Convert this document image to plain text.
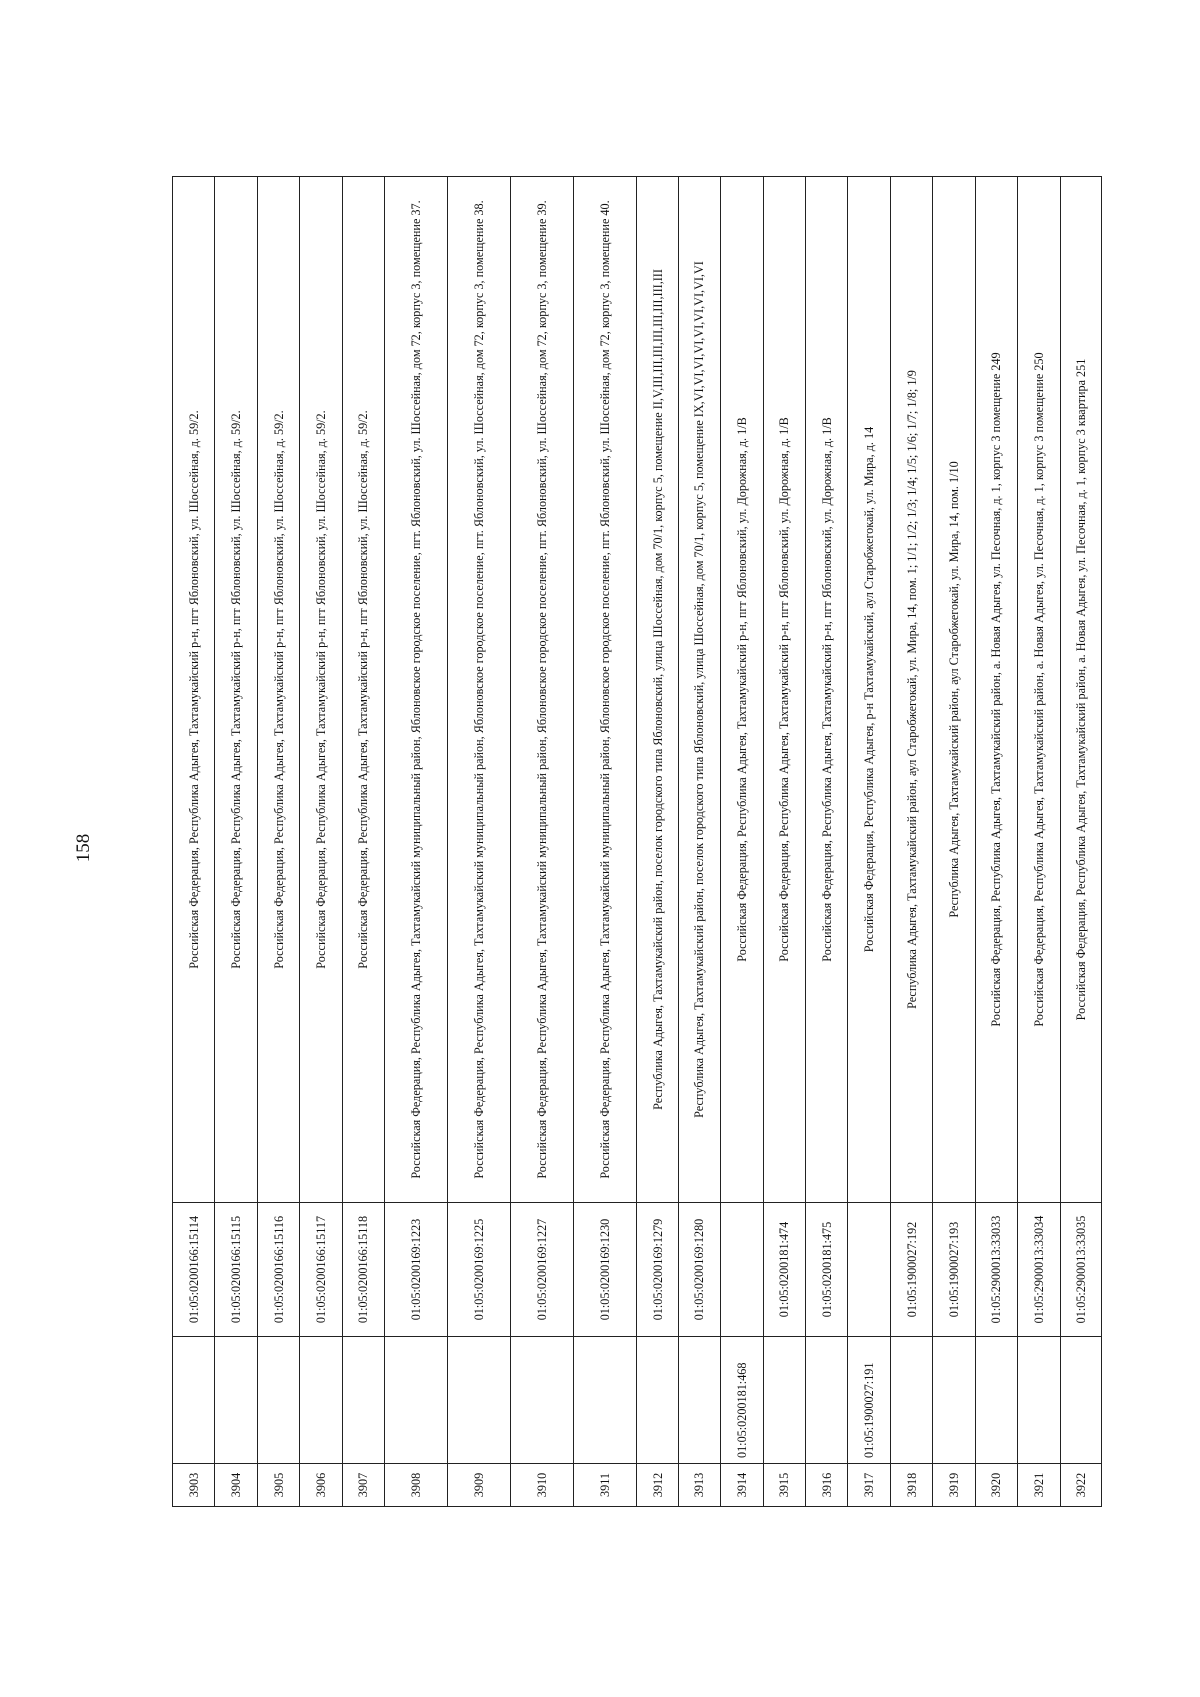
158
3903		01:05:0200166:15114	Российская Федерация, Республика Адыгея, Тахтамукайский р-н, пгт Яблоновский, ул. Шоссейная, д. 59/2.
3904		01:05:0200166:15115	Российская Федерация, Республика Адыгея, Тахтамукайский р-н, пгт Яблоновский, ул. Шоссейная, д. 59/2.
3905		01:05:0200166:15116	Российская Федерация, Республика Адыгея, Тахтамукайский р-н, пгт Яблоновский, ул. Шоссейная, д. 59/2.
3906		01:05:0200166:15117	Российская Федерация, Республика Адыгея, Тахтамукайский р-н, пгт Яблоновский, ул. Шоссейная, д. 59/2.
3907		01:05:0200166:15118	Российская Федерация, Республика Адыгея, Тахтамукайский р-н, пгт Яблоновский, ул. Шоссейная, д. 59/2.
3908		01:05:0200169:1223	Российская Федерация, Республика Адыгея, Тахтамукайский муниципальный район, Яблоновское городское поселение, пгт. Яблоновский, ул. Шоссейная, дом 72, корпус 3, помещение 37.
3909		01:05:0200169:1225	Российская Федерация, Республика Адыгея, Тахтамукайский муниципальный район, Яблоновское городское поселение, пгт. Яблоновский, ул. Шоссейная, дом 72, корпус 3, помещение 38.
3910		01:05:0200169:1227	Российская Федерация, Республика Адыгея, Тахтамукайский муниципальный район, Яблоновское городское поселение, пгт. Яблоновский, ул. Шоссейная, дом 72, корпус 3, помещение 39.
3911		01:05:0200169:1230	Российская Федерация, Республика Адыгея, Тахтамукайский муниципальный район, Яблоновское городское поселение, пгт. Яблоновский, ул. Шоссейная, дом 72, корпус 3, помещение 40.
3912		01:05:0200169:1279	Республика Адыгея, Тахтамукайский район, поселок городского типа Яблоновский, улица Шоссейная, дом 70/1, корпус 5, помещение II,V,III,III,III,III,III,III,III,III
3913		01:05:0200169:1280	Республика Адыгея, Тахтамукайский район, поселок городского типа Яблоновский, улица Шоссейная, дом 70/1, корпус 5, помещение IX,VI,VI,VI,VI,VI,VI,VI,VI,VI
3914	01:05:0200181:468		Российская Федерация, Республика Адыгея, Тахтамукайский р-н, пгт Яблоновский, ул. Дорожная, д. 1/В
3915		01:05:0200181:474	Российская Федерация, Республика Адыгея, Тахтамукайский р-н, пгт Яблоновский, ул. Дорожная, д. 1/В
3916		01:05:0200181:475	Российская Федерация, Республика Адыгея, Тахтамукайский р-н, пгт Яблоновский, ул. Дорожная, д. 1/В
3917	01:05:1900027:191		Российская Федерация, Республика Адыгея, р-н Тахтамукайский, аул Старобжегокай, ул. Мира, д. 14
3918		01:05:1900027:192	Республика Адыгея, Тахтамукайский район, аул Старобжегокай, ул. Мира, 14, пом. 1; 1/1; 1/2; 1/3; 1/4; 1/5; 1/6; 1/7; 1/8; 1/9
3919		01:05:1900027:193	Республика Адыгея, Тахтамукайский район, аул Старобжегокай, ул. Мира, 14, пом. 1/10
3920		01:05:2900013:33033	Российская Федерация, Республика Адыгея, Тахтамукайский район, а. Новая Адыгея, ул. Песочная, д. 1, корпус 3 помещение 249
3921		01:05:2900013:33034	Российская Федерация, Республика Адыгея, Тахтамукайский район, а. Новая Адыгея, ул. Песочная, д. 1, корпус 3 помещение 250
3922		01:05:2900013:33035	Российская Федерация, Республика Адыгея, Тахтамукайский район, а. Новая Адыгея, ул. Песочная, д. 1, корпус 3 квартира 251
